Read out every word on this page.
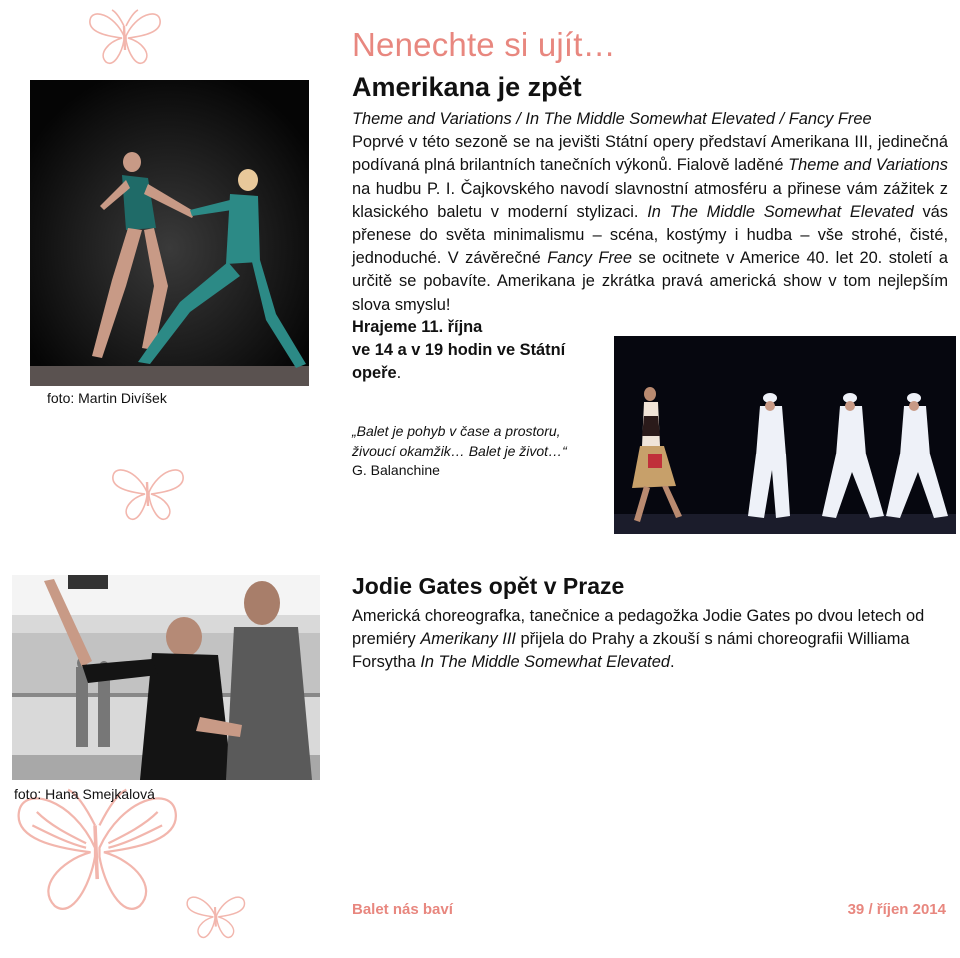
foto: Martin Divíšek
Nenechte si ujít…
Amerikana je zpět

Theme and Variations / In The Middle Somewhat Elevated / Fancy Free

Poprvé v této sezoně se na jevišti Státní opery představí Amerikana III, jedinečná podívaná plná brilantních tanečních výkonů. Fialově laděné Theme and Variations na hudbu P. I. Čajkovského navodí slavnostní atmosféru a přinese vám zážitek z klasického baletu v moderní stylizaci. In The Middle Somewhat Elevated vás přenese do světa minimalismu – scéna, kostýmy i hudba – vše strohé, čisté, jednoduché. V závěrečné Fancy Free se ocitnete v Americe 40. let 20. století a určitě se pobavíte. Amerikana je zkrátka pravá americká show v tom nejlepším slova smyslu!

Hrajeme 11. října
ve 14 a v 19 hodin ve Státní
opeře.
„Balet je pohyb v čase a prostoru,
živoucí okamžik… Balet je život…“
G. Balanchine
foto: Hana Smejkalová
Jodie Gates opět v Praze

Americká choreografka, tanečnice a pedagožka Jodie Gates po dvou letech od premiéry Amerikany III přijela do Prahy a zkouší s námi choreografii Williama Forsytha In The Middle Somewhat Elevated.

Balet nás baví	39 / říjen 2014
